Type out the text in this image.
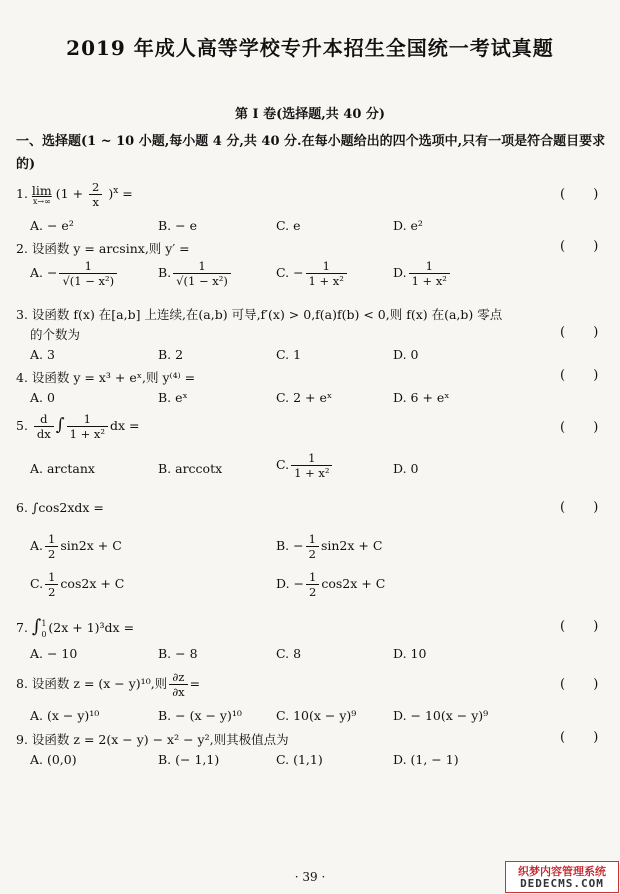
2019 年成人高等学校专升本招生全国统一考试真题
第 Ⅰ 卷(选择题,共 40 分)
一、选择题(1 ~ 10 小题,每小题 4 分,共 40 分.在每小题给出的四个选项中,只有一项是符合题目要求的)
1. lim
x→∞ $(1 + \frac{2}{x} )^x$ =	( )
A. − e²	B. − e	C. e	D. e²
2. 设函数 y = arcsinx,则 y′ =	( )
A. − $\frac{1}{\text{√(1 − x²)}}$	B. $\frac{1}{\text{√(1 − x²)}}$	C. − $\frac{1}{\text{1 + x²}}$	D. $\frac{1}{\text{1 + x²}}$
3. 设函数 f(x) 在[a,b] 上连续,在(a,b) 可导,f′(x) > 0,f(a)f(b) < 0,则 f(x) 在(a,b) 零点
的个数为	( )
A. 3	B. 2	C. 1	D. 0
4. 设函数 y = x³ + eˣ,则 y⁽⁴⁾ =	( )
A. 0	B. eˣ	C. 2 + eˣ	D. 6 + eˣ
5. $\frac{d}{dx}$ ∫ $\frac{1}{\text{1 + x²}}$ dx =	( )
A. arctanx	B. arccotx	C. $\frac{1}{\text{1 + x²}}$	D. 0
6. ∫cos2xdx =	( )
A. $\frac{1}{2} \sin 2x + C$	B. − $\frac{1}{2} \sin 2x + C$
C. $\frac{1}{2} \cos 2x + C$	D. − $\frac{1}{2} \cos 2x + C$
7. ∫ 1
0 (2x + 1)³dx =	( )
A. − 10	B. − 8	C. 8	D. 10
8. 设函数 z = (x − y)¹⁰,则 $\frac{\partial z}{\partial x}$ =	( )
A. (x − y)¹⁰	B. − (x − y)¹⁰	C. 10(x − y)⁹	D. − 10(x − y)⁹
9. 设函数 z = 2(x − y) − x² − y²,则其极值点为	( )
A. (0,0)	B. (− 1,1)	C. (1,1)	D. (1, − 1)
· 39 ·	织梦内容管理系统
DEDECMS.COM
